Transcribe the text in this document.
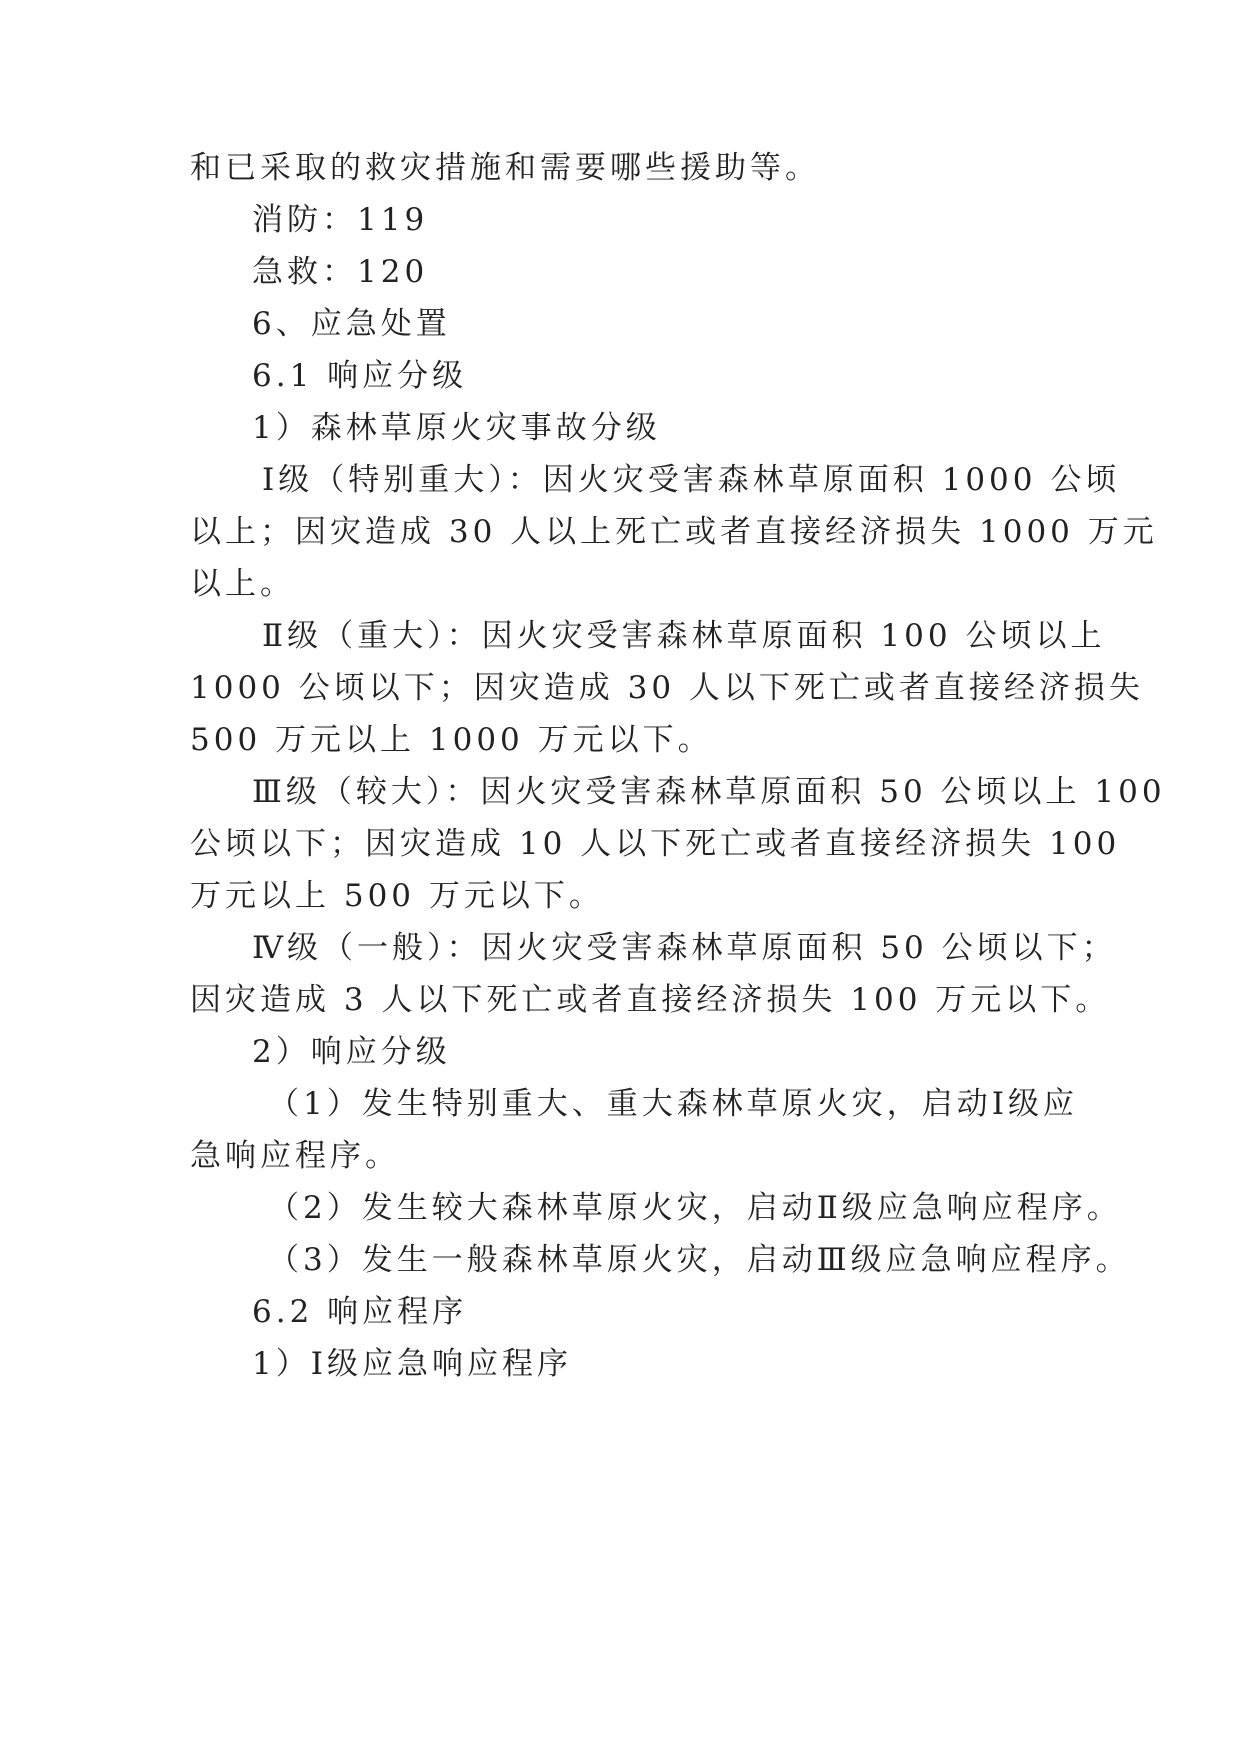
和已采取的救灾措施和需要哪些援助等。
消防：119
急救：120
6、应急处置
6.1 响应分级
1）森林草原火灾事故分级
Ⅰ级（特别重大）：因火灾受害森林草原面积 1000 公顷
以上；因灾造成 30 人以上死亡或者直接经济损失 1000 万元
以上。
Ⅱ级（重大）：因火灾受害森林草原面积 100 公顷以上
1000 公顷以下；因灾造成 30 人以下死亡或者直接经济损失
500 万元以上 1000 万元以下。
Ⅲ级（较大）：因火灾受害森林草原面积 50 公顷以上 100
公顷以下；因灾造成 10 人以下死亡或者直接经济损失 100
万元以上 500 万元以下。
Ⅳ级（一般）：因火灾受害森林草原面积 50 公顷以下；
因灾造成 3 人以下死亡或者直接经济损失 100 万元以下。
2）响应分级
（1）发生特别重大、重大森林草原火灾，启动Ⅰ级应
急响应程序。
（2）发生较大森林草原火灾，启动Ⅱ级应急响应程序。
（3）发生一般森林草原火灾，启动Ⅲ级应急响应程序。
6.2 响应程序
1）Ⅰ级应急响应程序
